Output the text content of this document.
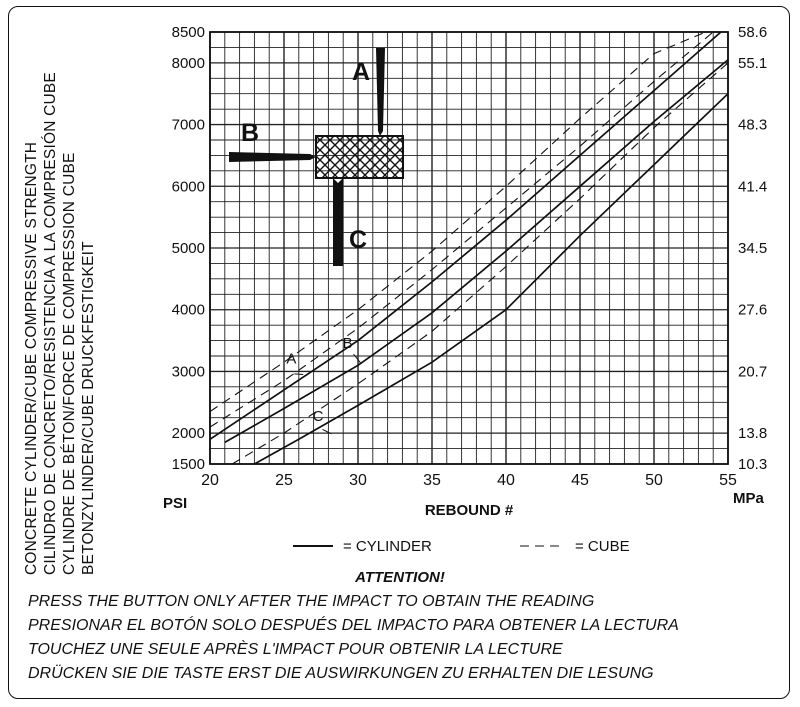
20	25	30	35	40	45	50	55
1500
2000
3000
4000
5000
6000
7000
8000
8500
10.3
13.8
20.7
27.6
34.5
41.4
48.3
55.1
58.6
PSI	MPa
REBOUND #
A
B
C
A
B
C
= CYLINDER	= CUBE
CONCRETE CYLINDER/CUBE COMPRESSIVE STRENGTH CILINDRO DE CONCRETO/RESISTENCIA A LA COMPRESIÓN CUBE CYLINDRE DE BÉTON/FORCE DE COMPRESSION CUBE BETONZYLINDER/CUBE DRUCKFESTIGKEIT
ATTENTION!
PRESS THE BUTTON ONLY AFTER THE IMPACT TO OBTAIN THE READING
PRESIONAR EL BOTÓN SOLO DESPUÉS DEL IMPACTO PARA OBTENER LA LECTURA
TOUCHEZ UNE SEULE APRÈS L'IMPACT POUR OBTENIR LA LECTURE
DRÜCKEN SIE DIE TASTE ERST DIE AUSWIRKUNGEN ZU ERHALTEN DIE LESUNG
